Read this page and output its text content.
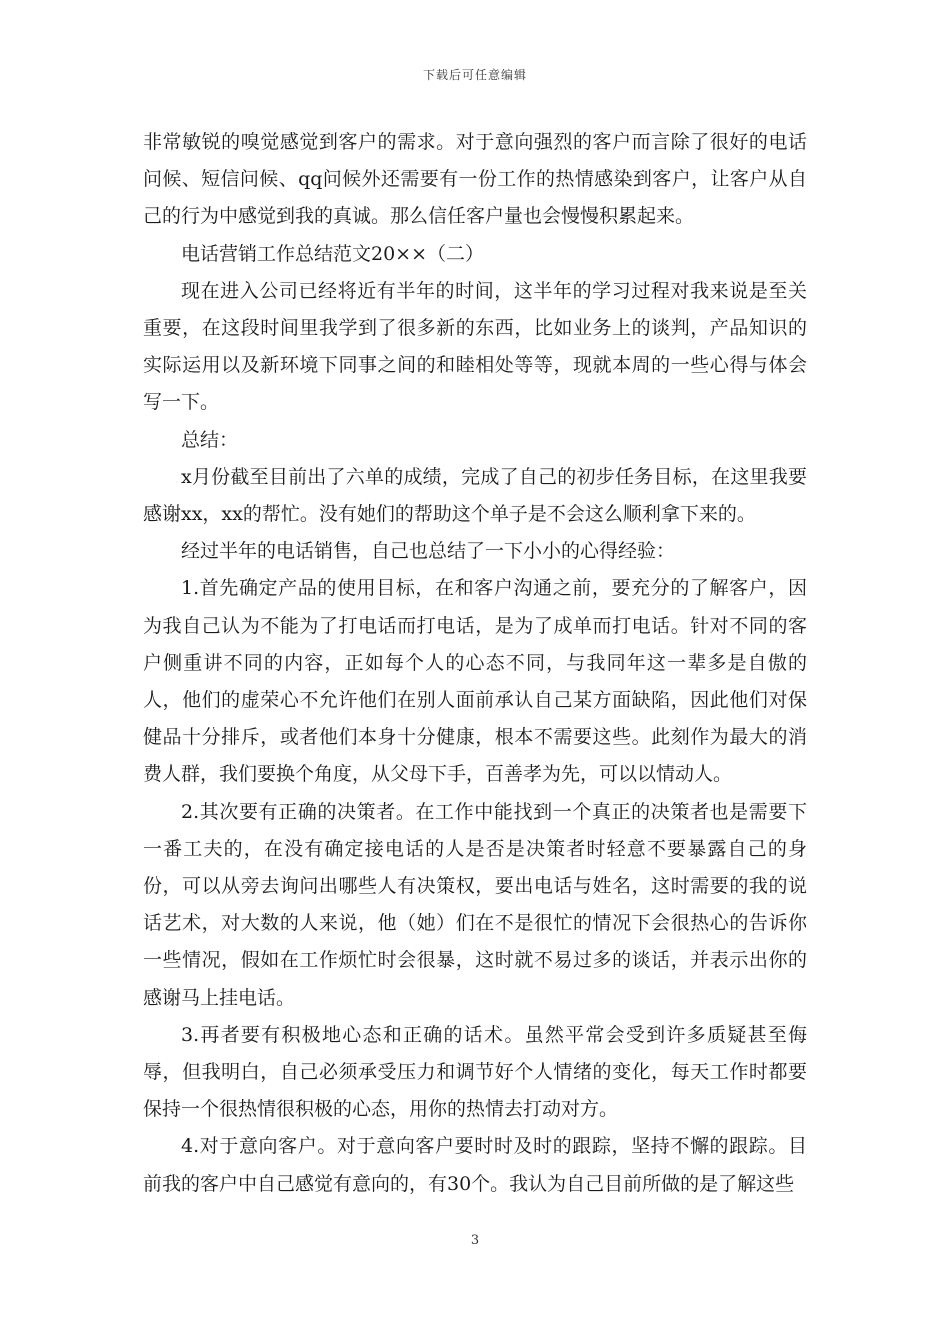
下载后可任意编辑

非常敏锐的嗅觉感觉到客户的需求。对于意向强烈的客户而言除了很好的电话问候、短信问候、qq问候外还需要有一份工作的热情感染到客户，让客户从自己的行为中感觉到我的真诚。那么信任客户量也会慢慢积累起来。

电话营销工作总结范文20××（二）

现在进入公司已经将近有半年的时间，这半年的学习过程对我来说是至关重要，在这段时间里我学到了很多新的东西，比如业务上的谈判，产品知识的实际运用以及新环境下同事之间的和睦相处等等，现就本周的一些心得与体会写一下。

总结：

x月份截至目前出了六单的成绩，完成了自己的初步任务目标，在这里我要感谢xx，xx的帮忙。没有她们的帮助这个单子是不会这么顺利拿下来的。

经过半年的电话销售，自己也总结了一下小小的心得经验：

1.首先确定产品的使用目标，在和客户沟通之前，要充分的了解客户，因为我自己认为不能为了打电话而打电话，是为了成单而打电话。针对不同的客户侧重讲不同的内容，正如每个人的心态不同，与我同年这一辈多是自傲的人，他们的虚荣心不允许他们在别人面前承认自己某方面缺陷，因此他们对保健品十分排斥，或者他们本身十分健康，根本不需要这些。此刻作为最大的消费人群，我们要换个角度，从父母下手，百善孝为先，可以以情动人。

2.其次要有正确的决策者。在工作中能找到一个真正的决策者也是需要下一番工夫的，在没有确定接电话的人是否是决策者时轻意不要暴露自己的身份，可以从旁去询问出哪些人有决策权，要出电话与姓名，这时需要的我的说话艺术，对大数的人来说，他（她）们在不是很忙的情况下会很热心的告诉你一些情况，假如在工作烦忙时会很暴，这时就不易过多的谈话，并表示出你的感谢马上挂电话。

3.再者要有积极地心态和正确的话术。虽然平常会受到许多质疑甚至侮辱，但我明白，自己必须承受压力和调节好个人情绪的变化，每天工作时都要保持一个很热情很积极的心态，用你的热情去打动对方。

4.对于意向客户。对于意向客户要时时及时的跟踪，坚持不懈的跟踪。目前我的客户中自己感觉有意向的，有30个。我认为自己目前所做的是了解这些

3
